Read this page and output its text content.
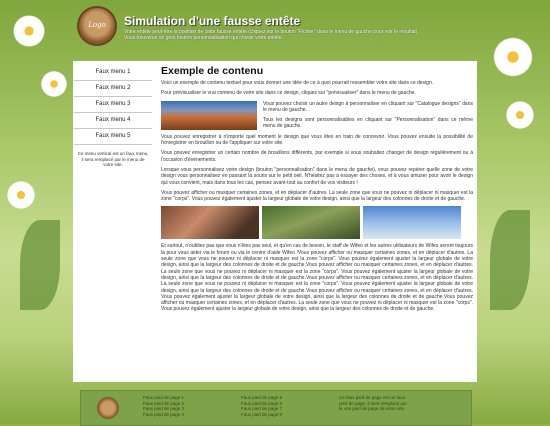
Logo	Simulation d'une fausse entête
Votre entête peut-être la position de cette fausse entête (cliquez sur le bouton "Fichier" dans le menu de gauche pour voir le résultat). Vous trouverez un gros bouton personnalisation qui choisir votre entête.
Faux menu 1
Faux menu 2
Faux menu 3
Faux menu 4
Faux menu 5
Ce menu vertical est un faux menu, il sera remplacé par le menu de votre site.
Exemple de contenu

Voici un exemple de contenu textuel pour vous donner une idée de ce à quoi pourrait ressembler votre site dans ce design.

Pour prévisualiser le vrai contenu de votre site dans ce design, cliquez sur "prévisualiser" dans le menu de gauche.

Vous pouvez choisir un autre design à personnaliser en cliquant sur "Catalogue designs" dans le menu de gauche.

Tous les designs sont personnalisables en cliquant sur "Personnalisation" dans ce même menu de gauche.

Vous pouvez enregistrer à n'importe quel moment le design que vous êtes en train de concevoir. Vous pouvez ensuite la possibilité de l'enregistrer en brouillon ou de l'appliquer sur votre site.

Vous pouvez enregistrer un certain nombre de brouillons différents, par exemple si vous souhaitez changer de design régulièrement ou à l'occasion d'événements.

Lorsque vous personnalisez votre design (bouton "personnalisation" dans le menu de gauche), vous pouvez repérer quelle zone de votre design vous personnalisez en passant la souris sur le petit oeil. N'hésitez pas à essayer des choses, et à vous amuser pour avoir le design qui vous convient, mais dans tous les cas, pensez avant-tout au confort de vos visiteurs !

Vous pouvez afficher ou masquer certaines zones, et en déplacer d'autres. La seule zone que vous ne pouvez ni déplacer ni masquer est la zone "corps". Vous pouvez également ajuster la largeur globale de votre design, ainsi que la largeur des colonnes de droite et de gauche.

Et surtout, n'oubliez pas que vous n'êtes pas seul, et qu'en cas de besoin, le staff de Wifeo et les autres utilisateurs de Wifeo seront toujours là pour vous aider via le forum ou via le centre d'aide Wifeo !Vous pouvez afficher ou masquer certaines zones, et en déplacer d'autres. La seule zone que vous ne pouvez ni déplacer ni masquer est la zone "corps". Vous pouvez également ajuster la largeur globale de votre design, ainsi que la largeur des colonnes de droite et de gauche.Vous pouvez afficher ou masquer certaines zones, et en déplacer d'autres. La seule zone que vous ne pouvez ni déplacer ni masquer est la zone "corps". Vous pouvez également ajuster la largeur globale de votre design, ainsi que la largeur des colonnes de droite et de gauche.Vous pouvez afficher ou masquer certaines zones, et en déplacer d'autres. La seule zone que vous ne pouvez ni déplacer ni masquer est la zone "corps". Vous pouvez également ajuster la largeur globale de votre design, ainsi que la largeur des colonnes de droite et de gauche.Vous pouvez afficher ou masquer certaines zones, et en déplacer d'autres. Vous pouvez également ajuster la largeur globale de votre design, ainsi que la largeur des colonnes de droite et de gauche.Vous pouvez afficher ou masquer certaines zones, et en déplacer d'autres. La seule zone que vous ne pouvez ni déplacer ni masquer est la zone "corps". Vous pouvez également ajuster la largeur globale de votre design, ainsi que la largeur des colonnes de droite et de gauche.

Faux pied de page 1
Faux pied de page 2
Faux pied de page 3
Faux pied de page 4
Faux pied de page 5
Faux pied de page 6
Faux pied de page 7
Faux pied de page 8
Ce faux pied de page est un faux pied de page, il sera remplacé par le vrai pied de page de votre site.
